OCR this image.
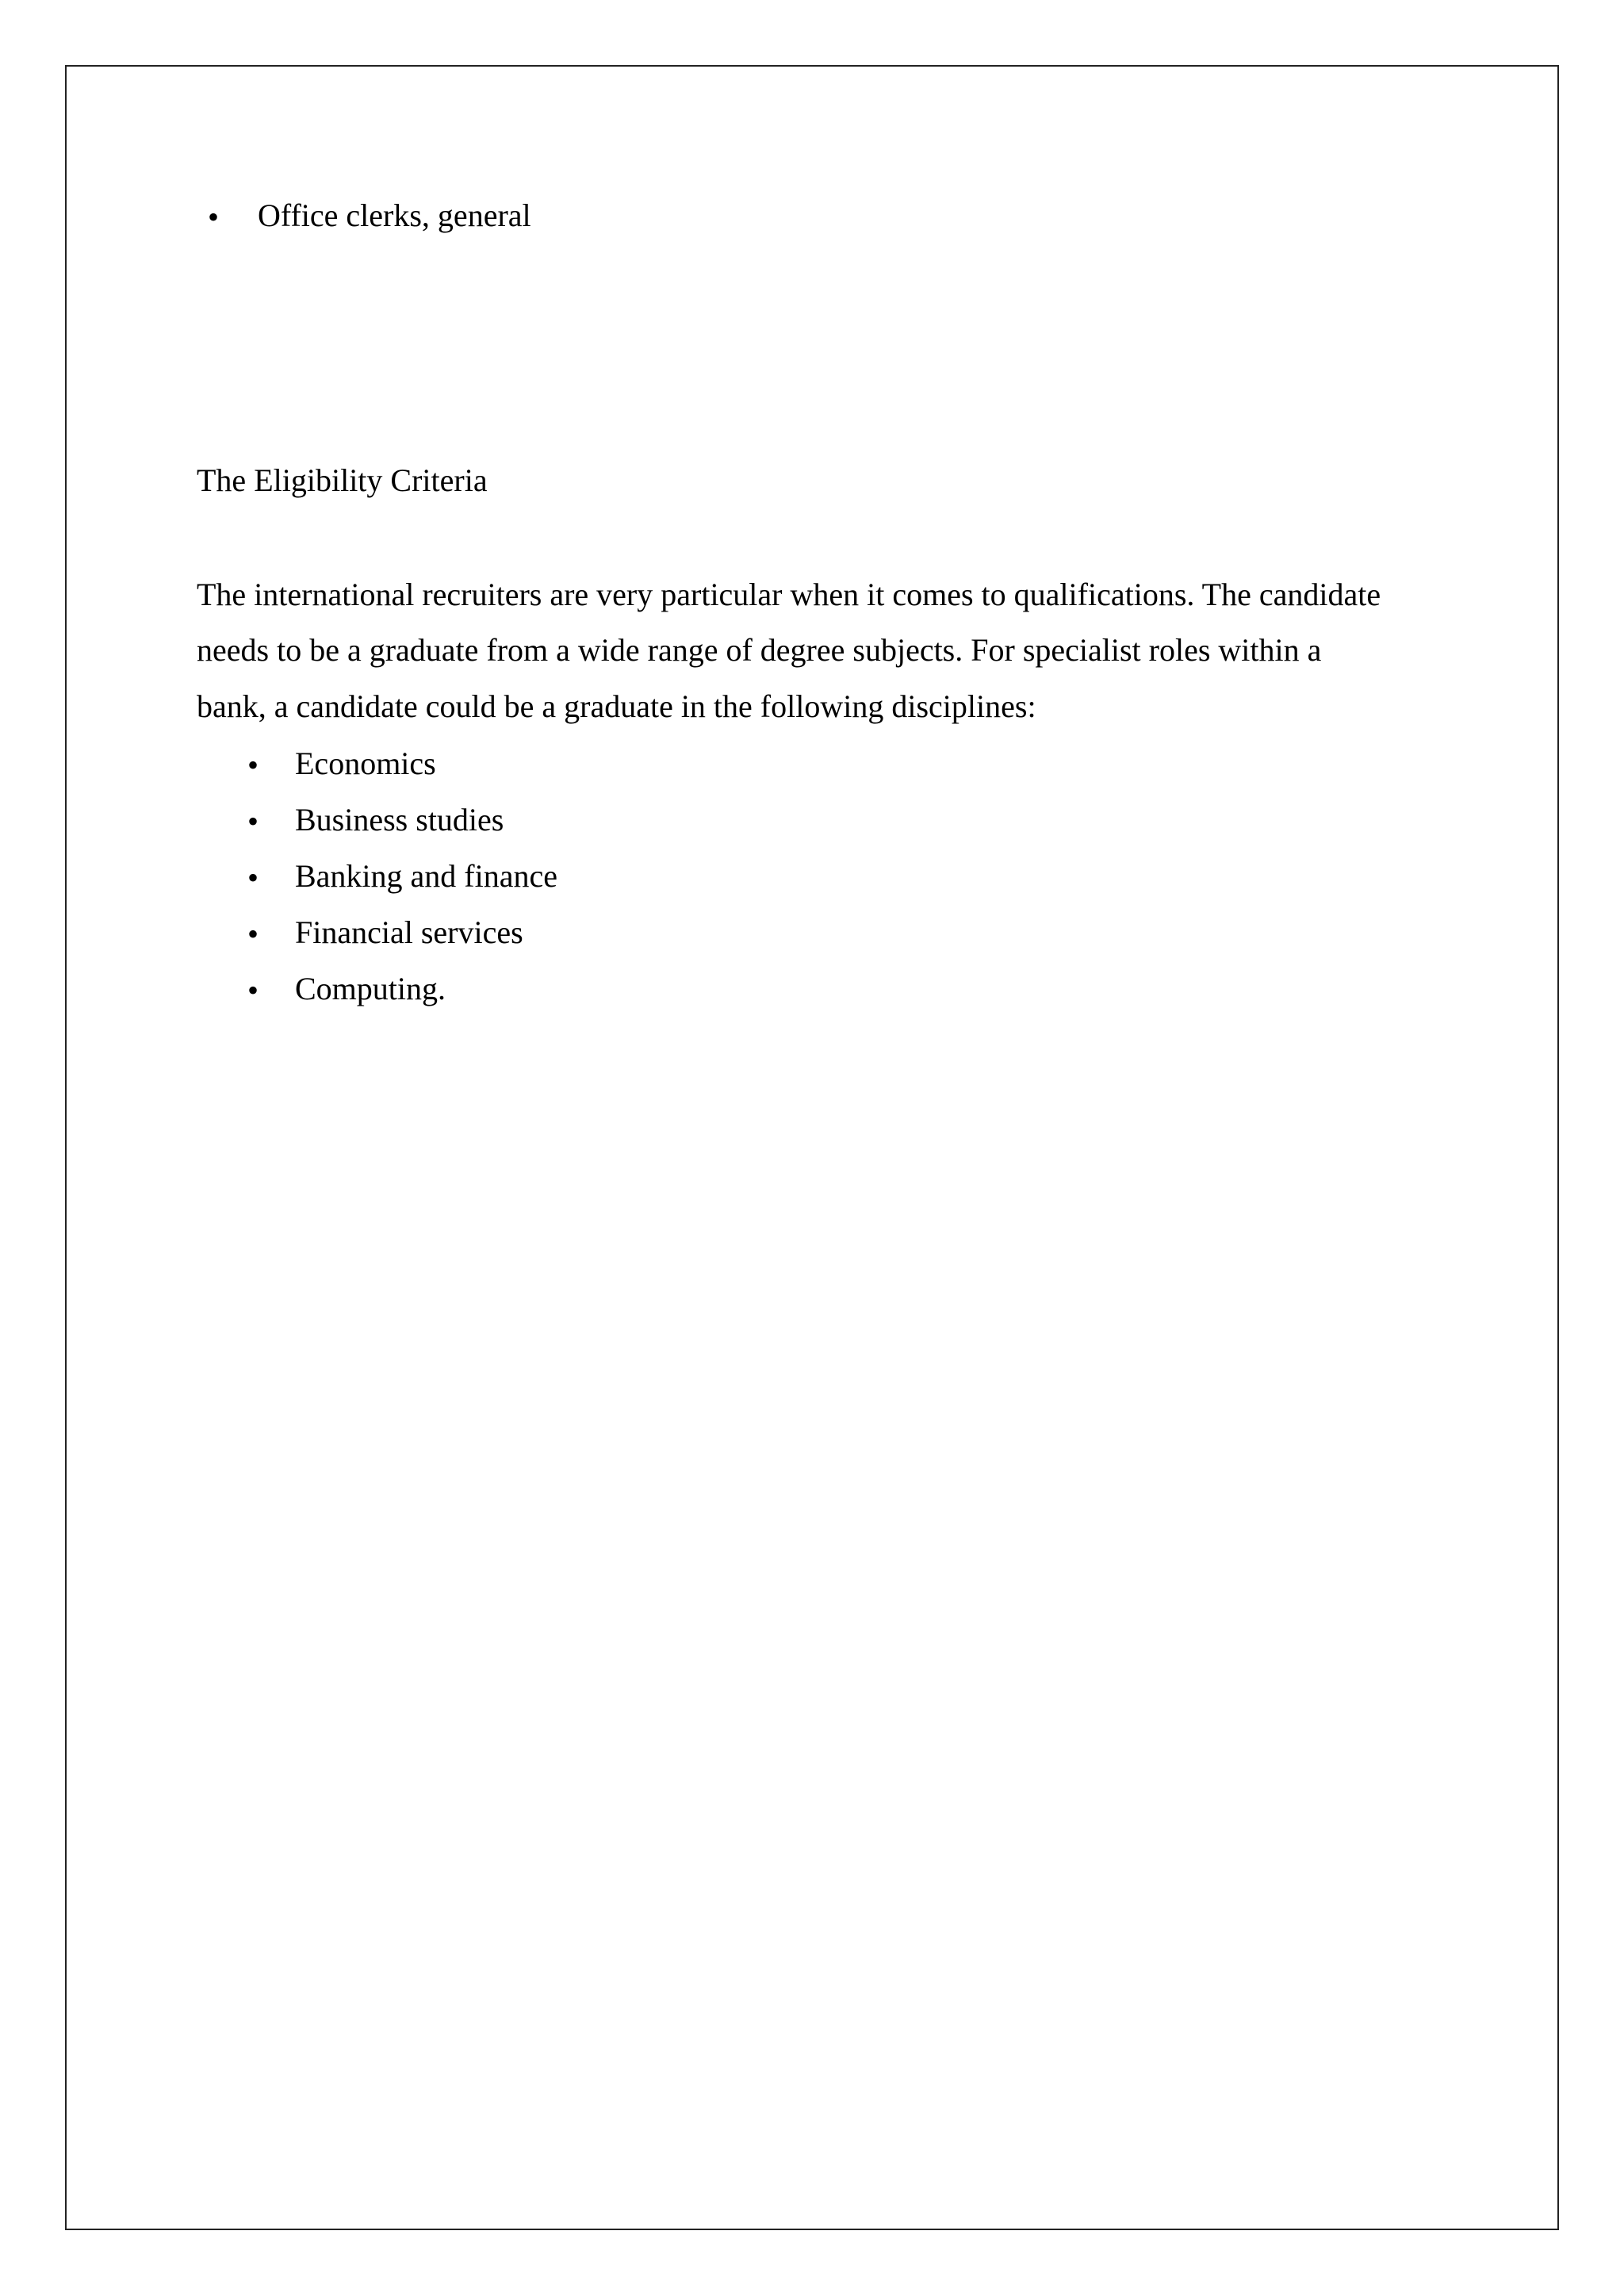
• Office clerks, general
The Eligibility Criteria
The international recruiters are very particular when it comes to qualifications. The candidate
needs to be a graduate from a wide range of degree subjects. For specialist roles within a
bank, a candidate could be a graduate in the following disciplines:
• Economics
• Business studies
• Banking and finance
• Financial services
• Computing.
